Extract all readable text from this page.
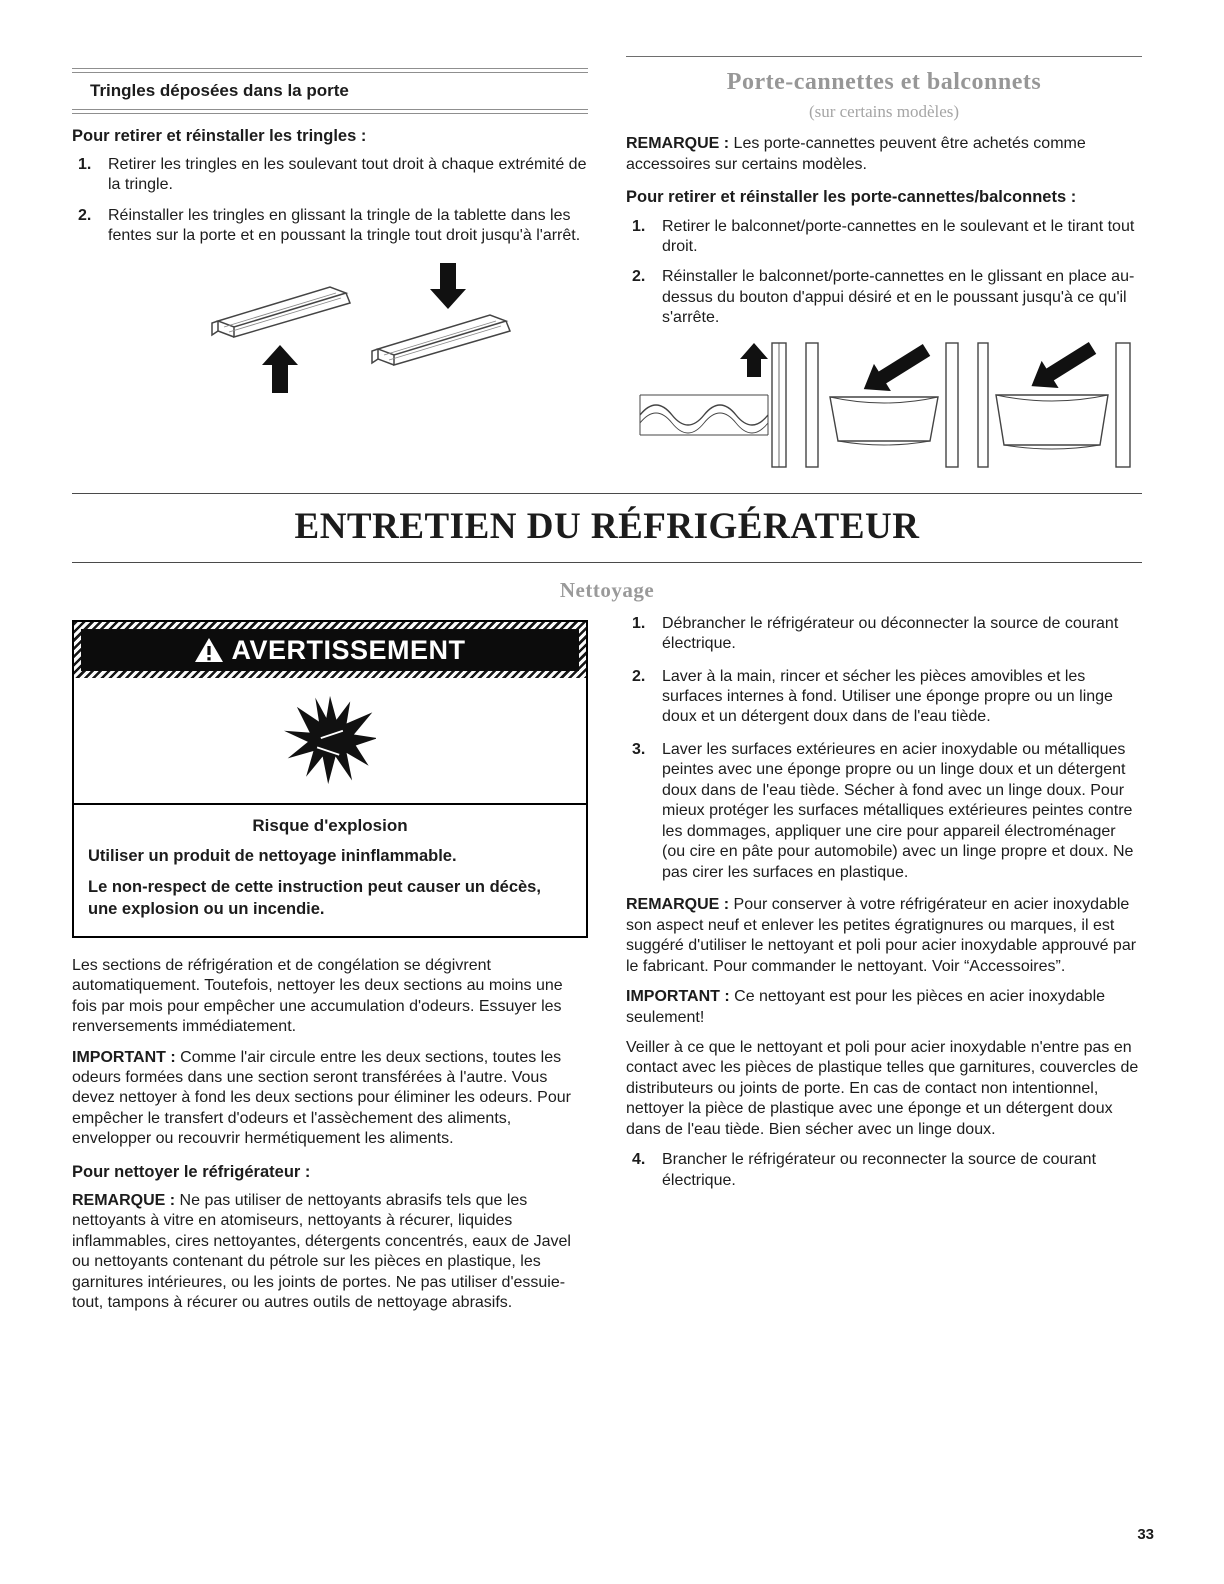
Tringles déposées dans la porte
Pour retirer et réinstaller les tringles :
1.	Retirer les tringles en les soulevant tout droit à chaque extrémité de la tringle.
2.	Réinstaller les tringles en glissant la tringle de la tablette dans les fentes sur la porte et en poussant la tringle tout droit jusqu'à l'arrêt.
Porte-cannettes et balconnets
(sur certains modèles)

REMARQUE : Les porte-cannettes peuvent être achetés comme accessoires sur certains modèles.

Pour retirer et réinstaller les porte-cannettes/balconnets :
1.	Retirer le balconnet/porte-cannettes en le soulevant et le tirant tout droit.
2.	Réinstaller le balconnet/porte-cannettes en le glissant en place au-dessus du bouton d'appui désiré et en le poussant jusqu'à ce qu'il s'arrête.
ENTRETIEN DU RÉFRIGÉRATEUR
Nettoyage
AVERTISSEMENT
Risque d'explosion

Utiliser un produit de nettoyage ininflammable.

Le non-respect de cette instruction peut causer un décès, une explosion ou un incendie.

Les sections de réfrigération et de congélation se dégivrent automatiquement. Toutefois, nettoyer les deux sections au moins une fois par mois pour empêcher une accumulation d'odeurs. Essuyer les renversements immédiatement.

IMPORTANT : Comme l'air circule entre les deux sections, toutes les odeurs formées dans une section seront transférées à l'autre. Vous devez nettoyer à fond les deux sections pour éliminer les odeurs. Pour empêcher le transfert d'odeurs et l'assèchement des aliments, envelopper ou recouvrir hermétiquement les aliments.

Pour nettoyer le réfrigérateur :

REMARQUE : Ne pas utiliser de nettoyants abrasifs tels que les nettoyants à vitre en atomiseurs, nettoyants à récurer, liquides inflammables, cires nettoyantes, détergents concentrés, eaux de Javel ou nettoyants contenant du pétrole sur les pièces en plastique, les garnitures intérieures, ou les joints de portes. Ne pas utiliser d'essuie-tout, tampons à récurer ou autres outils de nettoyage abrasifs.

1.	Débrancher le réfrigérateur ou déconnecter la source de courant électrique.
2.	Laver à la main, rincer et sécher les pièces amovibles et les surfaces internes à fond. Utiliser une éponge propre ou un linge doux et un détergent doux dans de l'eau tiède.
3.	Laver les surfaces extérieures en acier inoxydable ou métalliques peintes avec une éponge propre ou un linge doux et un détergent doux dans de l'eau tiède. Sécher à fond avec un linge doux. Pour mieux protéger les surfaces métalliques extérieures peintes contre les dommages, appliquer une cire pour appareil électroménager (ou cire en pâte pour automobile) avec un linge propre et doux. Ne pas cirer les surfaces en plastique.

REMARQUE : Pour conserver à votre réfrigérateur en acier inoxydable son aspect neuf et enlever les petites égratignures ou marques, il est suggéré d'utiliser le nettoyant et poli pour acier inoxydable approuvé par le fabricant. Pour commander le nettoyant. Voir “Accessoires”.

IMPORTANT : Ce nettoyant est pour les pièces en acier inoxydable seulement!

Veiller à ce que le nettoyant et poli pour acier inoxydable n'entre pas en contact avec les pièces de plastique telles que garnitures, couvercles de distributeurs ou joints de porte. En cas de contact non intentionnel, nettoyer la pièce de plastique avec une éponge et un détergent doux dans de l'eau tiède. Bien sécher avec un linge doux.

4.	Brancher le réfrigérateur ou reconnecter la source de courant électrique.
33
